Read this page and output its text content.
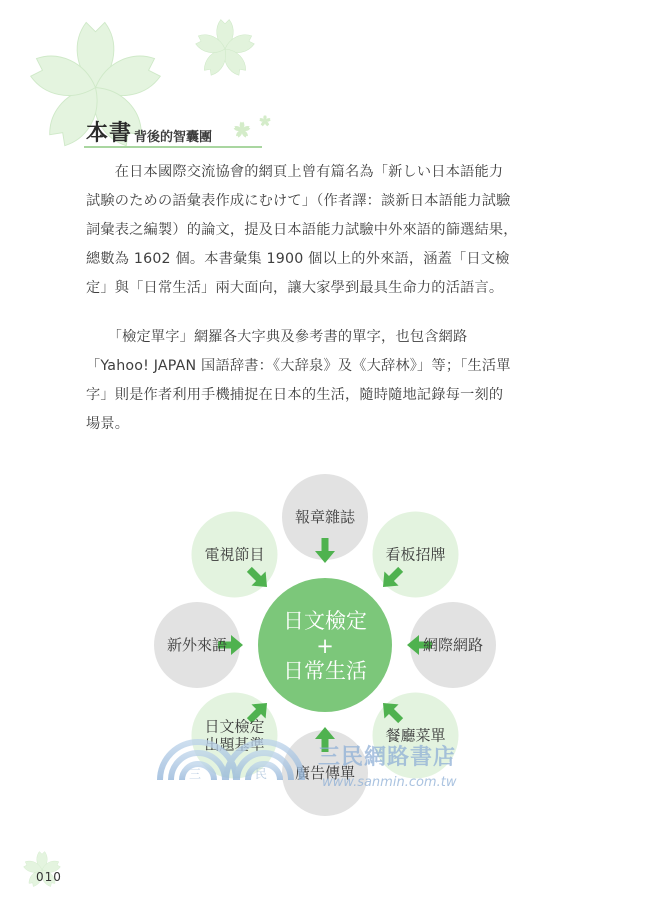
本書 背後的智囊團

　　在日本國際交流協會的網頁上曾有篇名為「新しい日本語能力
試験のための語彙表作成にむけて」（作者譯：談新日本語能力試驗
詞彙表之編製）的論文，提及日本語能力試驗中外來語的篩選結果，
總數為 1602 個。本書彙集 1900 個以上的外來語，涵蓋「日文檢
定」與「日常生活」兩大面向，讓大家學到最具生命力的活語言。

　　「檢定單字」網羅各大字典及參考書的單字，也包含網路
「Yahoo! JAPAN 国語辞書：《大辞泉》及《大辞林》」等；「生活單
字」則是作者利用手機捕捉在日本的生活，隨時隨地記錄每一刻的
場景。

日文檢定
+
日常生活
報章雜誌
看板招牌
網際網路
餐廳菜單
廣告傳單
日文檢定
出題基準
新外來語
電視節目
三	民
三民網路書店
www.sanmin.com.tw
010
